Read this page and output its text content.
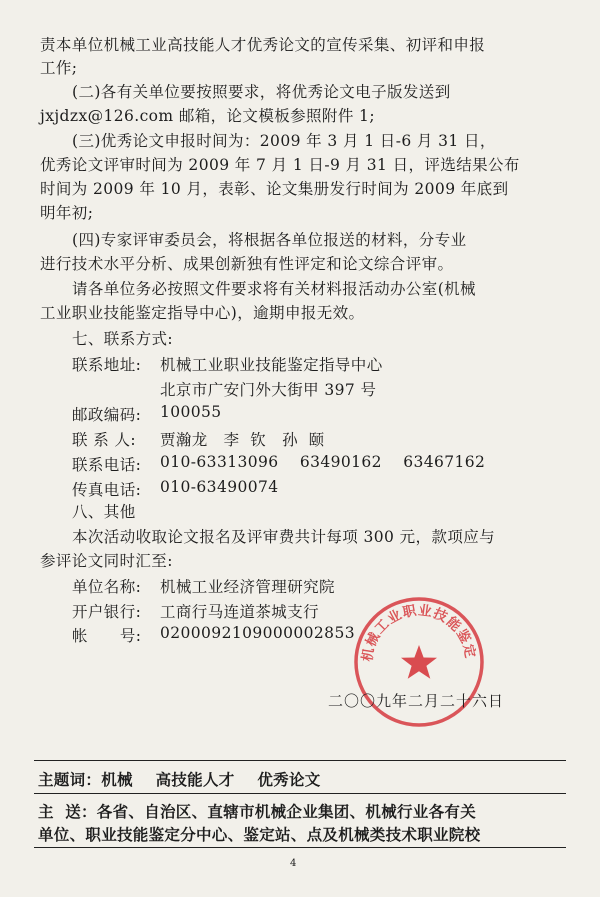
责本单位机械工业高技能人才优秀论文的宣传采集、初评和申报
工作;
(二)各有关单位要按照要求，将优秀论文电子版发送到
jxjdzx@126.com 邮箱，论文模板参照附件 1;
(三)优秀论文申报时间为：2009 年 3 月 1 日-6 月 31 日，
优秀论文评审时间为 2009 年 7 月 1 日-9 月 31 日，评选结果公布
时间为 2009 年 10 月，表彰、论文集册发行时间为 2009 年底到
明年初;
(四)专家评审委员会，将根据各单位报送的材料，分专业
进行技术水平分析、成果创新独有性评定和论文综合评审。
请各单位务必按照文件要求将有关材料报活动办公室(机械
工业职业技能鉴定指导中心)，逾期申报无效。
七、联系方式:
联系地址: 机械工业职业技能鉴定指导中心
北京市广安门外大街甲 397 号
邮政编码: 100055
联 系 人: 贾瀚龙   李  钦   孙  颐
联系电话: 010-63313096    63490162    63467162
传真电话: 010-63490074
八、其他
本次活动收取论文报名及评审费共计每项 300 元，款项应与
参评论文同时汇至:
单位名称: 机械工业经济管理研究院
开户银行: 工商行马连道茶城支行
帐      号: 0200092109000002853
机械工业职业技能鉴定
二〇〇九年二月二十六日
主题词：机械    高技能人才    优秀论文
主  送：各省、自治区、直辖市机械企业集团、机械行业各有关
单位、职业技能鉴定分中心、鉴定站、点及机械类技术职业院校
4
